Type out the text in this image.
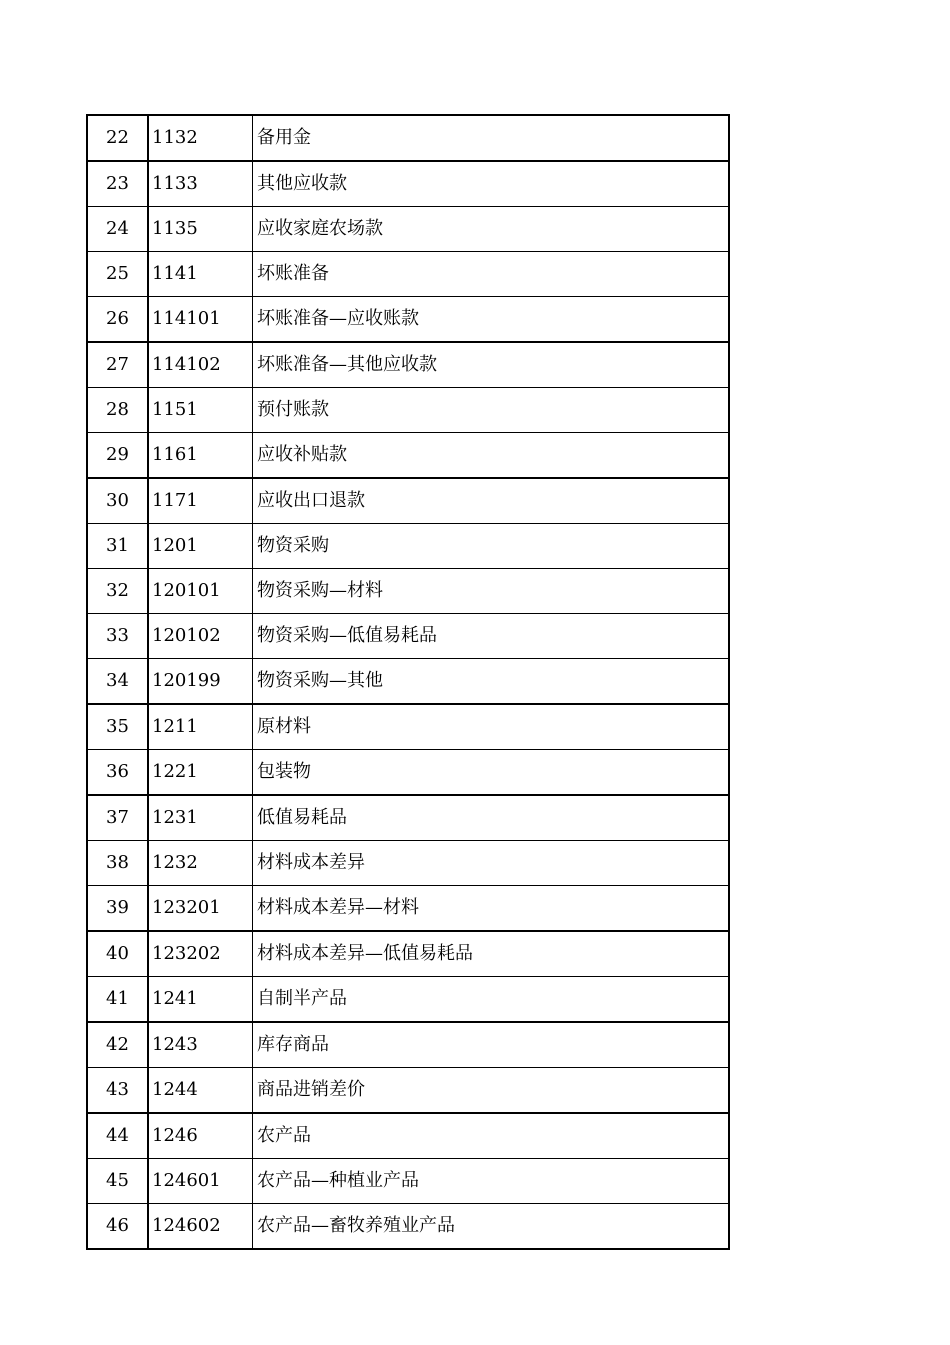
22	1132	备用金
23	1133	其他应收款
24	1135	应收家庭农场款
25	1141	坏账准备
26	114101	坏账准备—应收账款
27	114102	坏账准备—其他应收款
28	1151	预付账款
29	1161	应收补贴款
30	1171	应收出口退款
31	1201	物资采购
32	120101	物资采购—材料
33	120102	物资采购—低值易耗品
34	120199	物资采购—其他
35	1211	原材料
36	1221	包装物
37	1231	低值易耗品
38	1232	材料成本差异
39	123201	材料成本差异—材料
40	123202	材料成本差异—低值易耗品
41	1241	自制半产品
42	1243	库存商品
43	1244	商品进销差价
44	1246	农产品
45	124601	农产品—种植业产品
46	124602	农产品—畜牧养殖业产品
